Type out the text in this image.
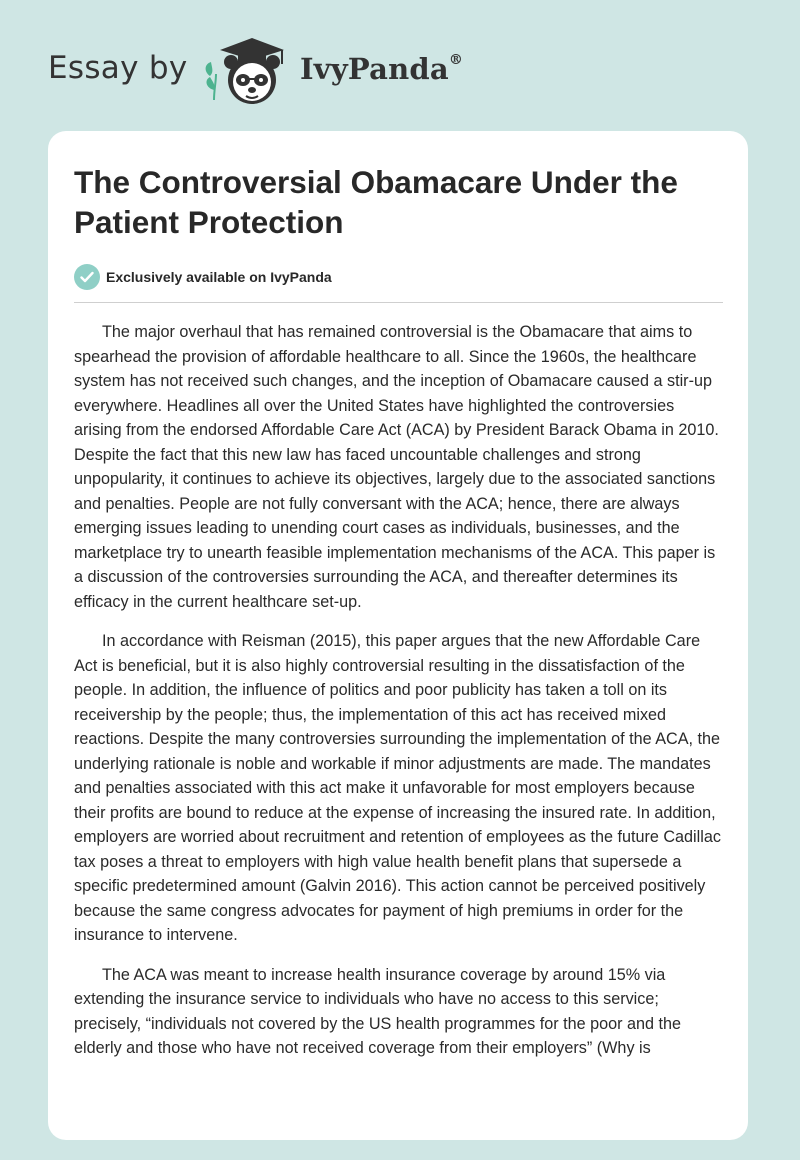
Essay by	IvyPanda®
The Controversial Obamacare Under the Patient Protection
Exclusively available on IvyPanda

The major overhaul that has remained controversial is the Obamacare that aims to spearhead the provision of affordable healthcare to all. Since the 1960s, the healthcare system has not received such changes, and the inception of Obamacare caused a stir-up everywhere. Headlines all over the United States have highlighted the controversies arising from the endorsed Affordable Care Act (ACA) by President Barack Obama in 2010. Despite the fact that this new law has faced uncountable challenges and strong unpopularity, it continues to achieve its objectives, largely due to the associated sanctions and penalties. People are not fully conversant with the ACA; hence, there are always emerging issues leading to unending court cases as individuals, businesses, and the marketplace try to unearth feasible implementation mechanisms of the ACA. This paper is a discussion of the controversies surrounding the ACA, and thereafter determines its efficacy in the current healthcare set-up.

In accordance with Reisman (2015), this paper argues that the new Affordable Care Act is beneficial, but it is also highly controversial resulting in the dissatisfaction of the people. In addition, the influence of politics and poor publicity has taken a toll on its receivership by the people; thus, the implementation of this act has received mixed reactions. Despite the many controversies surrounding the implementation of the ACA, the underlying rationale is noble and workable if minor adjustments are made. The mandates and penalties associated with this act make it unfavorable for most employers because their profits are bound to reduce at the expense of increasing the insured rate. In addition, employers are worried about recruitment and retention of employees as the future Cadillac tax poses a threat to employers with high value health benefit plans that supersede a specific predetermined amount (Galvin 2016). This action cannot be perceived positively because the same congress advocates for payment of high premiums in order for the insurance to intervene.

The ACA was meant to increase health insurance coverage by around 15% via extending the insurance service to individuals who have no access to this service; precisely, “individuals not covered by the US health programmes for the poor and the elderly and those who have not received coverage from their employers” (Why is
